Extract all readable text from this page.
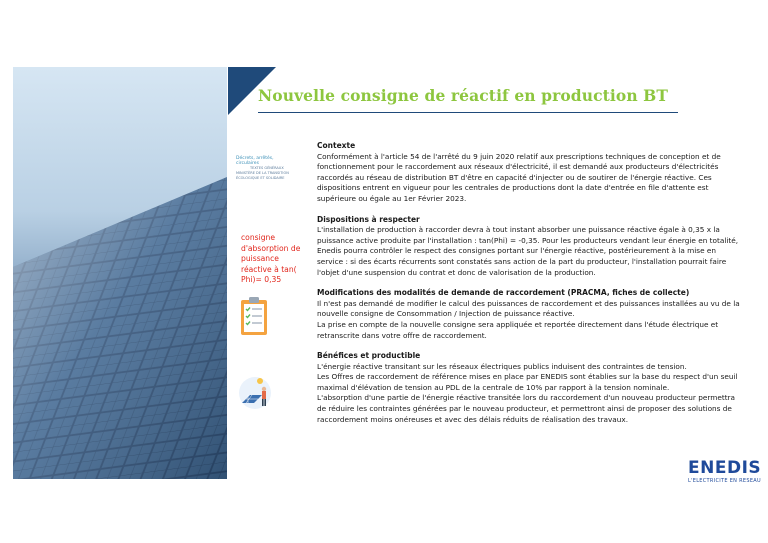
Nouvelle consigne de réactif en production BT
Décrets, arrêtés, circulaires
TEXTES GÉNÉRAUX
MINISTÈRE DE LA TRANSITION ÉCOLOGIQUE ET SOLIDAIRE
consigne d'absorption de puissance réactive à tan( Phi)= 0,35
Contexte

Conformément à l'article 54 de l'arrêté du 9 juin 2020 relatif aux prescriptions techniques de conception et de

fonctionnement pour le raccordement aux réseaux d'électricité, il est demandé aux producteurs d'électricités

raccordés au réseau de distribution BT d'être en capacité d'injecter ou de soutirer de l'énergie réactive. Ces

dispositions entrent en vigueur pour les centrales de productions dont la date d'entrée en file d'attente est

supérieure ou égale au 1er Février 2023.

Dispositions à respecter

L'installation de production à raccorder devra à tout instant absorber une puissance réactive égale à 0,35 x la

puissance active produite par l'installation : tan(Phi) = -0,35. Pour les producteurs vendant leur énergie en totalité,

Enedis pourra contrôler le respect des consignes portant sur l'énergie réactive, postérieurement à la mise en

service : si des écarts récurrents sont constatés sans action de la part du producteur, l'installation pourrait faire

l'objet d'une suspension du contrat et donc de valorisation de la production.

Modifications des modalités de demande de raccordement (PRACMA, fiches de collecte)

Il n'est pas demandé de modifier le calcul des puissances de raccordement et des puissances installées au vu de la

nouvelle consigne de Consommation / Injection de puissance réactive.

La prise en compte de la nouvelle consigne sera appliquée et reportée directement dans l'étude électrique et

retranscrite dans votre offre de raccordement.

Bénéfices et productible

L'énergie réactive transitant sur les réseaux électriques publics induisent des contraintes de tension.

Les Offres de raccordement de référence mises en place par ENEDIS sont établies sur la base du respect d'un seuil

maximal d'élévation de tension au PDL de la centrale de 10% par rapport à la tension nominale.

L'absorption d'une partie de l'énergie réactive transitée lors du raccordement d'un nouveau producteur permettra

de réduire les contraintes générées par le nouveau producteur, et permettront ainsi de proposer des solutions de

raccordement moins onéreuses et avec des délais réduits de réalisation des travaux.

ENEDIS
L'ELECTRICITE EN RESEAU
